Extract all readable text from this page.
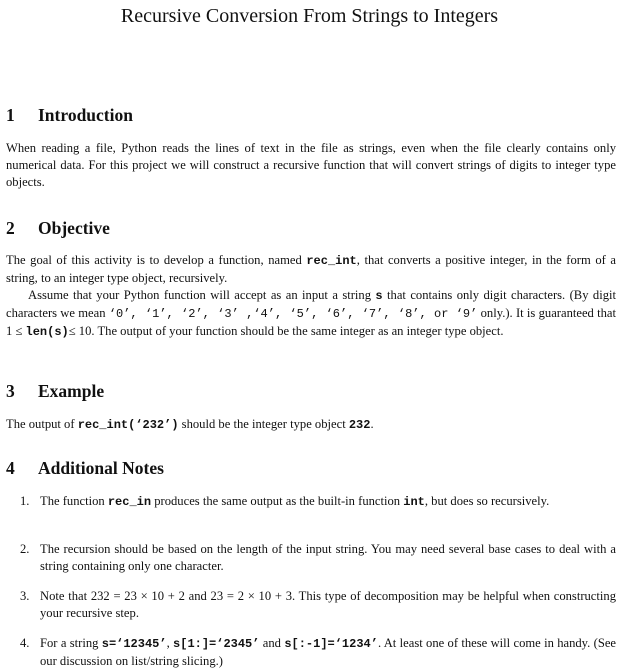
Recursive Conversion From Strings to Integers
1 Introduction

When reading a file, Python reads the lines of text in the file as strings, even when the file clearly contains only numerical data. For this project we will construct a recursive function that will convert strings of digits to integer type objects.

2 Objective

The goal of this activity is to develop a function, named rec_int, that converts a positive integer, in the form of a string, to an integer type object, recursively.

Assume that your Python function will accept as an input a string s that contains only digit characters. (By digit characters we mean ‘0’, ‘1’, ‘2’, ‘3’ ,‘4’, ‘5’, ‘6’, ‘7’, ‘8’, or ‘9’ only.). It is guaranteed that 1 ≤ len(s)≤ 10. The output of your function should be the same integer as an integer type object.

3 Example

The output of rec_int(‘232’) should be the integer type object 232.

4 Additional Notes
1. The function rec_in produces the same output as the built-in function int, but does so recursively.
2. The recursion should be based on the length of the input string. You may need several base cases to deal with a string containing only one character.
3. Note that 232 = 23 × 10 + 2 and 23 = 2 × 10 + 3. This type of decomposition may be helpful when constructing your recursive step.
4. For a string s=‘12345’, s[1:]=‘2345’ and s[:-1]=‘1234’. At least one of these will come in handy. (See our discussion on list/string slicing.)
